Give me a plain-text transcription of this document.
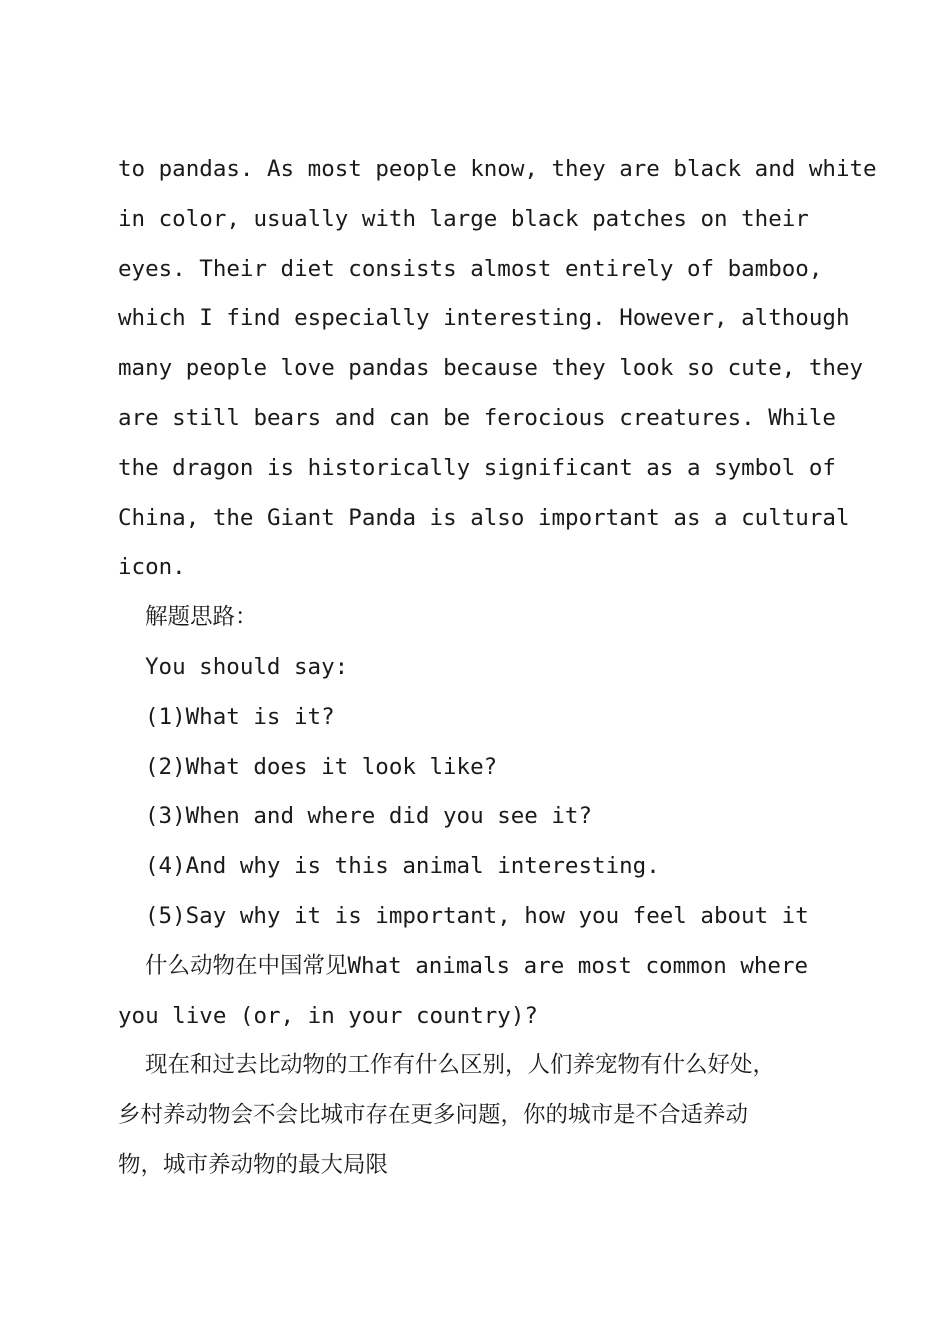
to pandas. As most people know, they are black and white
in color, usually with large black patches on their
eyes. Their diet consists almost entirely of bamboo,
which I find especially interesting. However, although
many people love pandas because they look so cute, they
are still bears and can be ferocious creatures. While
the dragon is historically significant as a symbol of
China, the Giant Panda is also important as a cultural
icon.
解题思路：
You should say:
(1)What is it?
(2)What does it look like?
(3)When and where did you see it?
(4)And why is this animal interesting.
(5)Say why it is important, how you feel about it
什么动物在中国常见What animals are most common where
you live (or, in your country)?
现在和过去比动物的工作有什么区别，人们养宠物有什么好处，
乡村养动物会不会比城市存在更多问题，你的城市是不合适养动
物，城市养动物的最大局限
